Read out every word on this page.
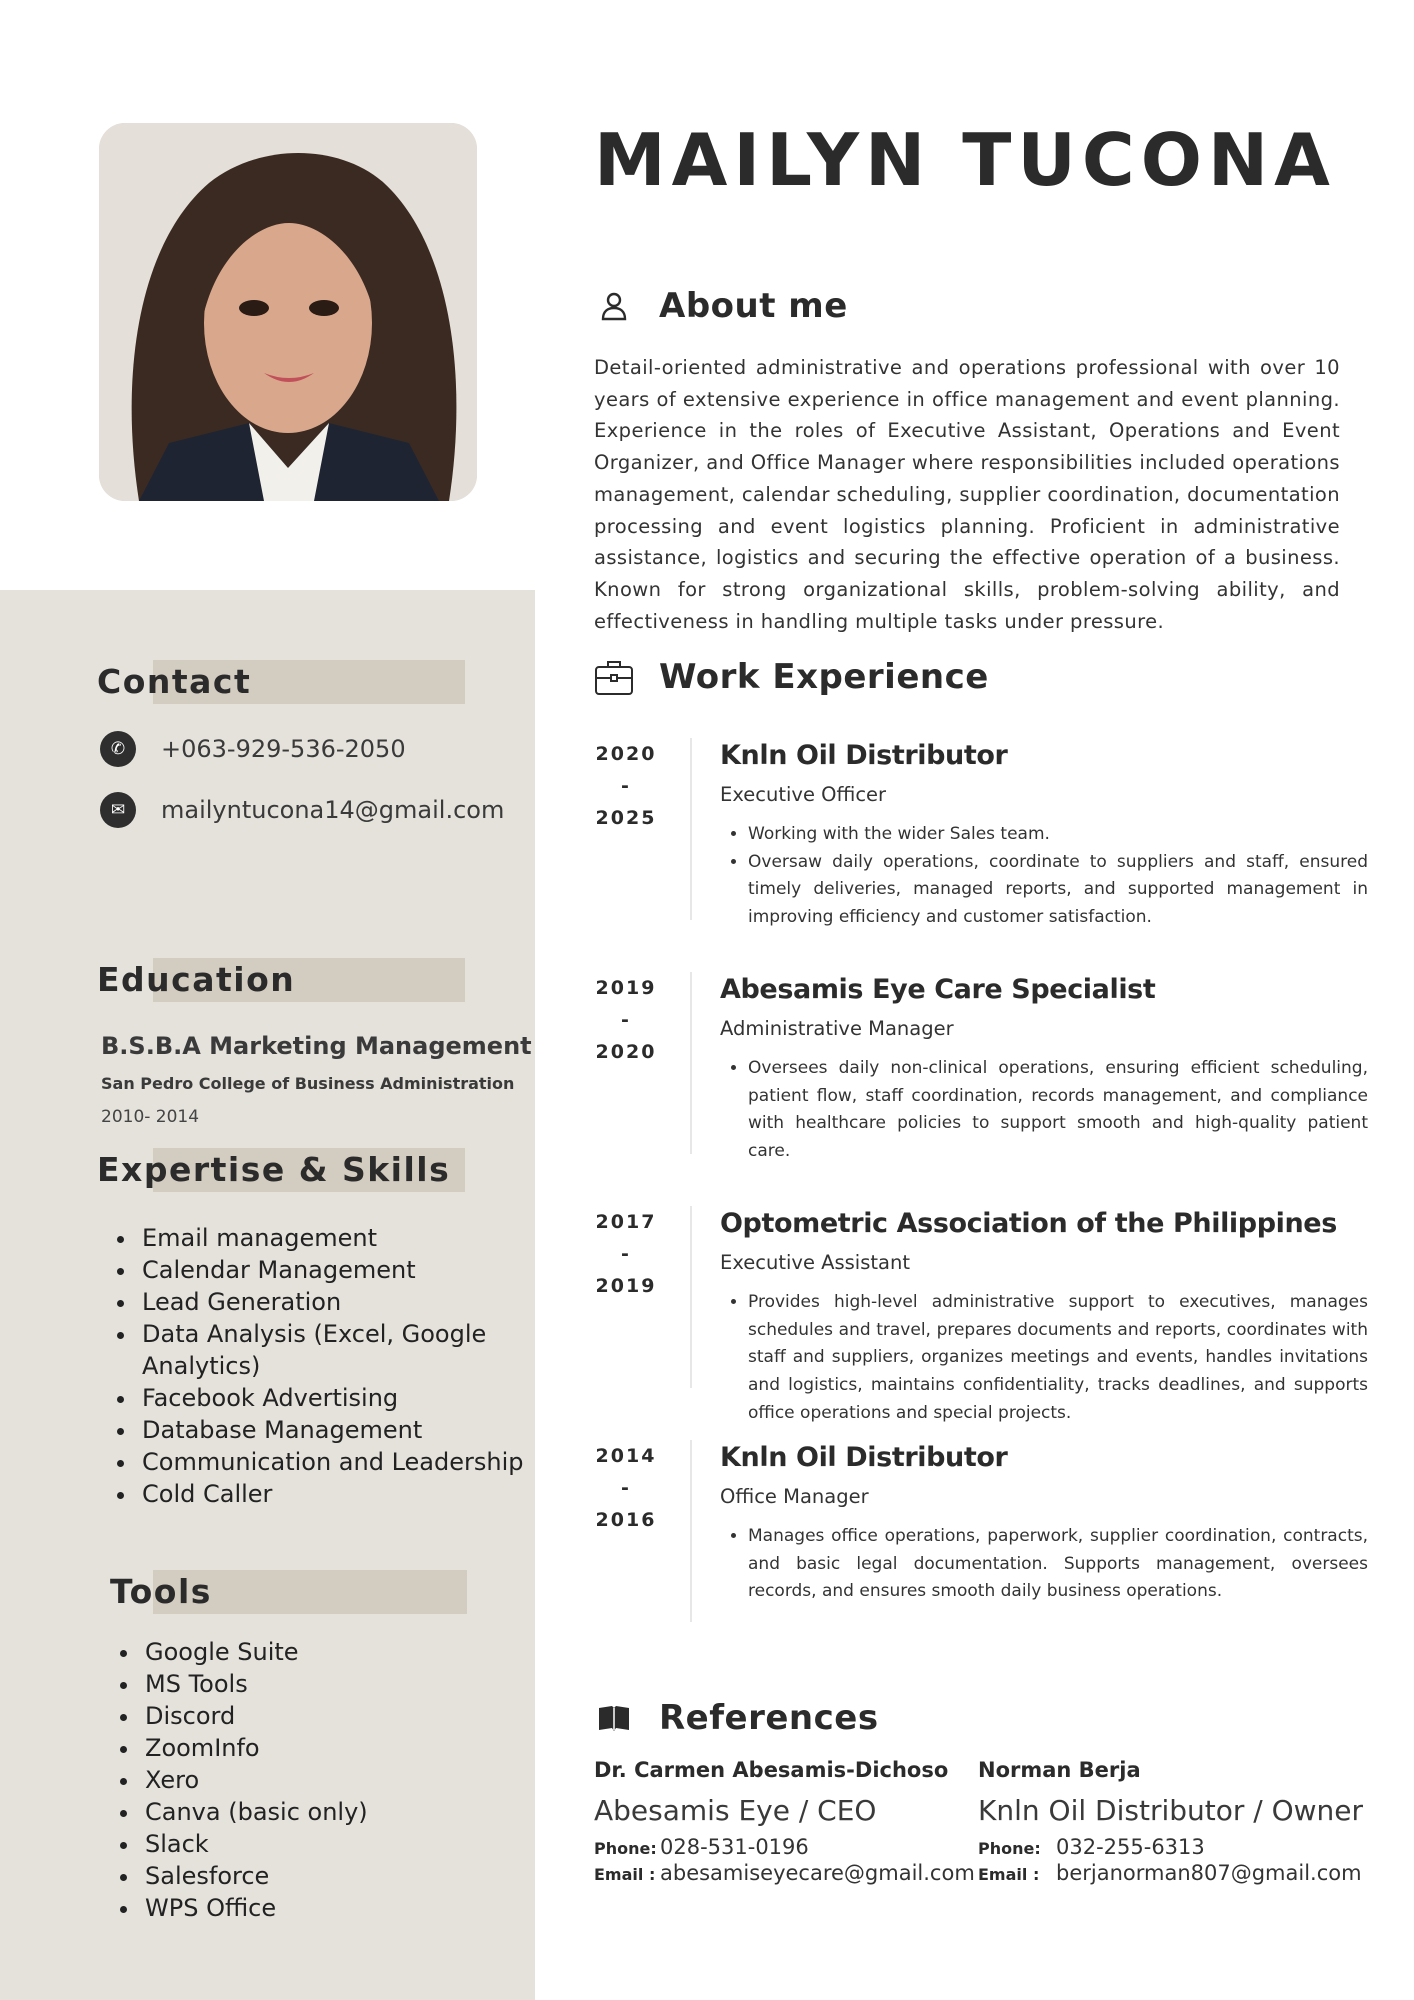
Contact
✆	+063-929-536-2050
✉	mailyntucona14@gmail.com
Education
B.S.B.A Marketing Management
San Pedro College of Business Administration
2010- 2014
Expertise & Skills
• Email management
• Calendar Management
• Lead Generation
• Data Analysis (Excel, Google Analytics)
• Facebook Advertising
• Database Management
• Communication and Leadership
• Cold Caller
Tools
• Google Suite
• MS Tools
• Discord
• ZoomInfo
• Xero
• Canva (basic only)
• Slack
• Salesforce
• WPS Office
MAILYN TUCONA
About me
Detail-oriented administrative and operations professional with over 10 years of extensive experience in office management and event planning. Experience in the roles of Executive Assistant, Operations and Event Organizer, and Office Manager where responsibilities included operations management, calendar scheduling, supplier coordination, documentation processing and event logistics planning. Proficient in administrative assistance, logistics and securing the effective operation of a business. Known for strong organizational skills, problem-solving ability, and effectiveness in handling multiple tasks under pressure.
Work Experience
2020
-
2025
Knln Oil Distributor
Executive Officer
• Working with the wider Sales team.
• Oversaw daily operations, coordinate to suppliers and staff, ensured timely deliveries, managed reports, and supported management in improving efficiency and customer satisfaction.
2019
-
2020
Abesamis Eye Care Specialist
Administrative Manager
• Oversees daily non-clinical operations, ensuring efficient scheduling, patient flow, staff coordination, records management, and compliance with healthcare policies to support smooth and high-quality patient care.
2017
-
2019
Optometric Association of the Philippines
Executive Assistant
• Provides high-level administrative support to executives, manages schedules and travel, prepares documents and reports, coordinates with staff and suppliers, organizes meetings and events, handles invitations and logistics, maintains confidentiality, tracks deadlines, and supports office operations and special projects.
2014
-
2016
Knln Oil Distributor
Office Manager
• Manages office operations, paperwork, supplier coordination, contracts, and basic legal documentation. Supports management, oversees records, and ensures smooth daily business operations.
References
Dr. Carmen Abesamis-Dichoso
Abesamis Eye / CEO
Phone: 028-531-0196
Email : abesamiseyecare@gmail.com
Norman Berja
Knln Oil Distributor / Owner
Phone: 032-255-6313
Email : berjanorman807@gmail.com
